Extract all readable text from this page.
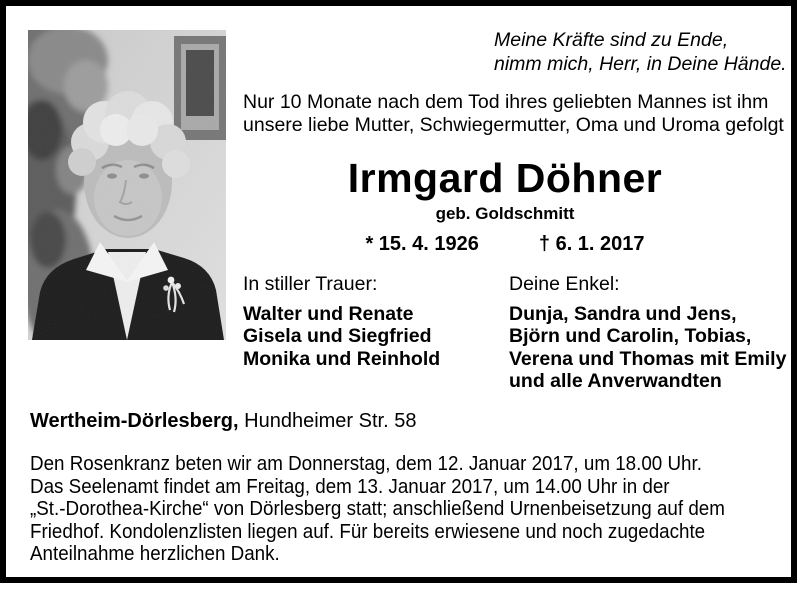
Meine Kräfte sind zu Ende,
nimm mich, Herr, in Deine Hände.
Nur 10 Monate nach dem Tod ihres geliebten Mannes ist ihm
unsere liebe Mutter, Schwiegermutter, Oma und Uroma gefolgt
Irmgard Döhner
geb. Goldschmitt
* 15. 4. 1926	† 6. 1. 2017
In stiller Trauer:
Walter und Renate
Gisela und Siegfried
Monika und Reinhold
Deine Enkel:
Dunja, Sandra und Jens,
Björn und Carolin, Tobias,
Verena und Thomas mit Emily
und alle Anverwandten
Wertheim-Dörlesberg, Hundheimer Str. 58
Den Rosenkranz beten wir am Donnerstag, dem 12. Januar 2017, um 18.00 Uhr.
Das Seelenamt findet am Freitag, dem 13. Januar 2017, um 14.00 Uhr in der
„St.-Dorothea-Kirche“ von Dörlesberg statt; anschließend Urnenbeisetzung auf dem
Friedhof. Kondolenzlisten liegen auf. Für bereits erwiesene und noch zugedachte
Anteilnahme herzlichen Dank.
